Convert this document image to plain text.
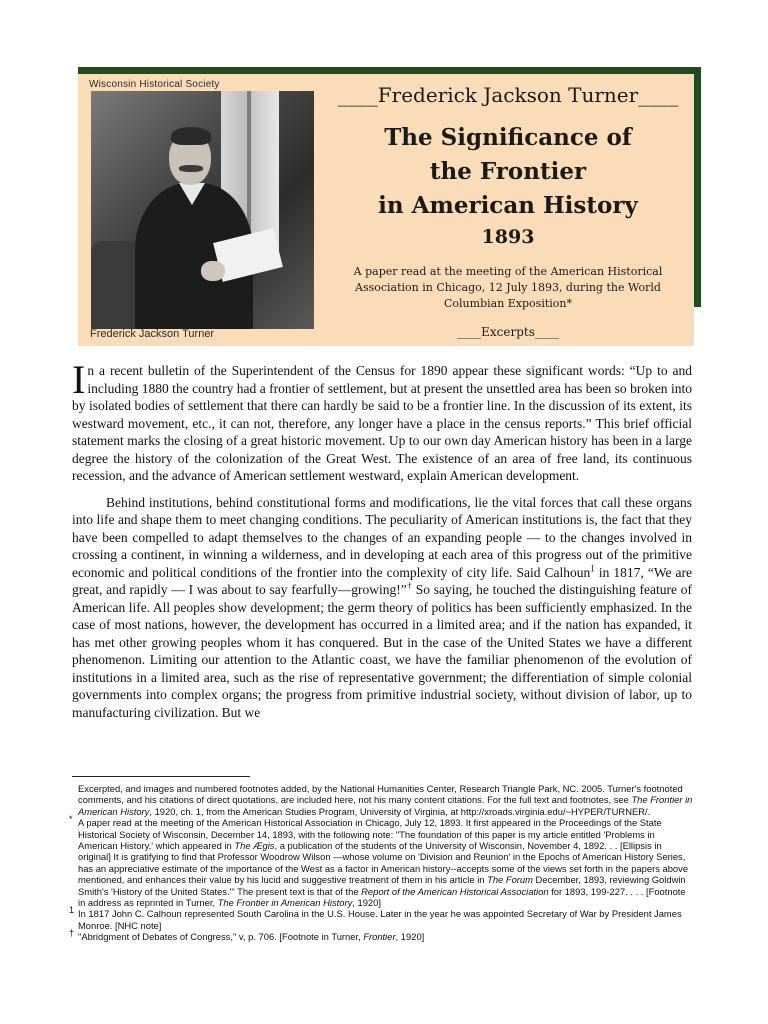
Wisconsin Historical Society
Frederick Jackson Turner
____Frederick Jackson Turner____
The Significance of
the Frontier
in American History
1893
A paper read at the meeting of the American Historical Association in Chicago, 12 July 1893, during the World Columbian Exposition*
____Excerpts____

In a recent bulletin of the Superintendent of the Census for 1890 appear these significant words: “Up to and including 1880 the country had a frontier of settlement, but at present the unsettled area has been so broken into by isolated bodies of settlement that there can hardly be said to be a frontier line. In the discussion of its extent, its westward movement, etc., it can not, therefore, any longer have a place in the census reports.” This brief official statement marks the closing of a great historic movement. Up to our own day American history has been in a large degree the history of the colonization of the Great West. The existence of an area of free land, its continuous recession, and the advance of American settlement westward, explain American development.

Behind institutions, behind constitutional forms and modifications, lie the vital forces that call these organs into life and shape them to meet changing conditions. The peculiarity of American institutions is, the fact that they have been compelled to adapt themselves to the changes of an expanding people — to the changes involved in crossing a continent, in winning a wilderness, and in developing at each area of this progress out of the primitive economic and political conditions of the frontier into the complexity of city life. Said Calhoun$^1$ in 1817, “We are great, and rapidly — I was about to say fearfully—growing!”† So saying, he touched the distinguishing feature of American life. All peoples show development; the germ theory of politics has been sufficiently emphasized. In the case of most nations, however, the development has occurred in a limited area; and if the nation has expanded, it has met other growing peoples whom it has conquered. But in the case of the United States we have a different phenomenon. Limiting our attention to the Atlantic coast, we have the familiar phenomenon of the evolution of institutions in a limited area, such as the rise of representative government; the differentiation of simple colonial governments into complex organs; the progress from primitive industrial society, without division of labor, up to manufacturing civilization. But we

Excerpted, and images and numbered footnotes added, by the National Humanities Center, Research Triangle Park, NC. 2005. Turner's footnoted comments, and his citations of direct quotations, are included here, not his many content citations. For the full text and footnotes, see The Frontier in American History, 1920, ch. 1, from the American Studies Program, University of Virginia, at http://xroads.virginia.edu/~HYPER/TURNER/.
* A paper read at the meeting of the American Historical Association in Chicago, July 12, 1893. It first appeared in the Proceedings of the State Historical Society of Wisconsin, December 14, 1893, with the following note: "The foundation of this paper is my article entitled 'Problems in American History,' which appeared in The Ægis, a publication of the students of the University of Wisconsin, November 4, 1892. . . [Ellipsis in original] It is gratifying to find that Professor Woodrow Wilson —whose volume on 'Division and Reunion' in the Epochs of American History Series, has an appreciative estimate of the importance of the West as a factor in American history--accepts some of the views set forth in the papers above mentioned, and enhances their value by his lucid and suggestive treatment of them in his article in The Forum December, 1893, reviewing Goldwin Smith's 'History of the United States.'" The present text is that of the Report of the American Historical Association for 1893, 199-227. . . . [Footnote in address as reprinted in Turner, The Frontier in American History, 1920]
1 In 1817 John C. Calhoun represented South Carolina in the U.S. House. Later in the year he was appointed Secretary of War by President James Monroe. [NHC note]
† "Abridgment of Debates of Congress," v, p. 706. [Footnote in Turner, Frontier, 1920]
